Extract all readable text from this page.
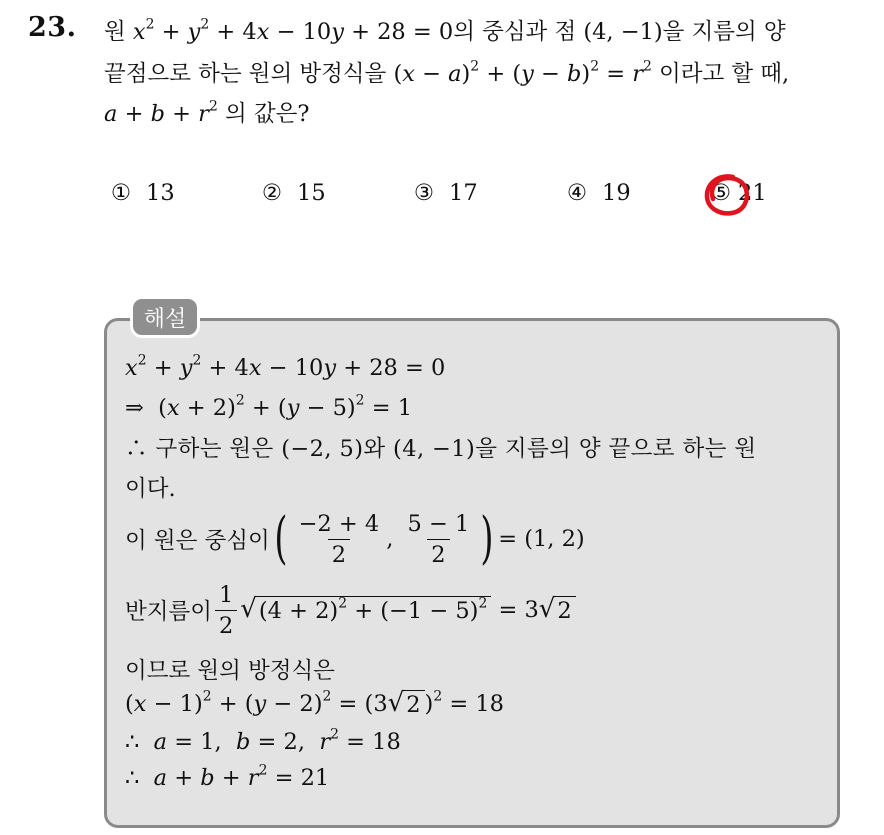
23. 원 $x^2 + y^2 + 4x - 10y + 28 = 0$의 중심과 점 (4, −1)을 지름의 양
끝점으로 하는 원의 방정식을 $(x - a)^2 + (y - b)^2 = r^2$ 이라고 할 때,
$a + b + r^2$ 의 값은?
① 13	② 15	③ 17	④ 19	⑤ 21
해설
$x^2 + y^2 + 4x - 10y + 28 = 0$
⇒  $(x + 2)^2 + (y - 5)^2 = 1$
∴ 구하는 원은 (−2, 5)와 (4, −1)을 지름의 양 끝으로 하는 원
이다.
이 원은 중심이 ( $\frac{-2 + 4}{2}$ , $\frac{5 - 1}{2}$ ) = (1, 2)
반지름이 $\frac{1}{2}$ √ $(4 + 2)^2 + (-1 - 5)^2 = 3$ √ 2
이므로 원의 방정식은
$(x - 1)^2 + (y - 2)^2 = (3$ √ 2 )$^2$ = 18
∴  a = 1,  b = 2,  $r^2 = 18$
∴  $a + b + r^2 = 21$
